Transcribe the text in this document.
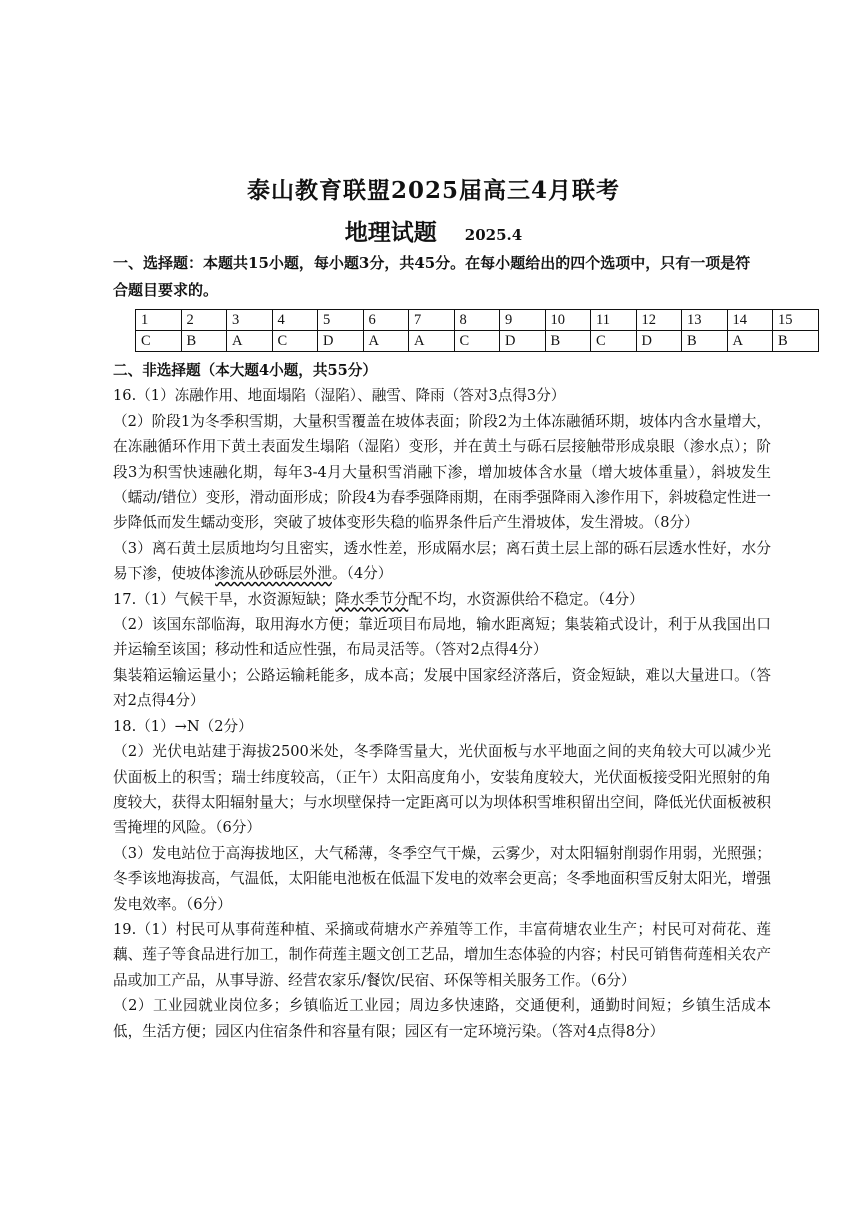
泰山教育联盟2025届高三4月联考
地理试题 2025.4
一、选择题：本题共15小题，每小题3分，共45分。在每小题给出的四个选项中，只有一项是符合题目要求的。
1	2	3	4	5	6	7	8	9	10	11	12	13	14	15
C	B	A	C	D	A	A	C	D	B	C	D	B	A	B

二、非选择题（本大题4小题，共55分）

16.（1）冻融作用、地面塌陷（湿陷）、融雪、降雨（答对3点得3分）

（2）阶段1为冬季积雪期，大量积雪覆盖在坡体表面；阶段2为土体冻融循环期，坡体内含水量增大，在冻融循环作用下黄土表面发生塌陷（湿陷）变形，并在黄土与砾石层接触带形成泉眼（渗水点）；阶段3为积雪快速融化期，每年3-4月大量积雪消融下渗，增加坡体含水量（增大坡体重量），斜坡发生（蠕动/错位）变形，滑动面形成；阶段4为春季强降雨期，在雨季强降雨入渗作用下，斜坡稳定性进一步降低而发生蠕动变形，突破了坡体变形失稳的临界条件后产生滑坡体，发生滑坡。（8分）

（3）离石黄土层质地均匀且密实，透水性差，形成隔水层；离石黄土层上部的砾石层透水性好，水分易下渗，使坡体渗流从砂砾层外泄。（4分）

17.（1）气候干旱，水资源短缺；降水季节分配不均，水资源供给不稳定。（4分）

（2）该国东部临海，取用海水方便；靠近项目布局地，输水距离短；集装箱式设计，利于从我国出口并运输至该国；移动性和适应性强，布局灵活等。（答对2点得4分）

集装箱运输运量小；公路运输耗能多，成本高；发展中国家经济落后，资金短缺，难以大量进口。（答对2点得4分）

18.（1）→N（2分）

（2）光伏电站建于海拔2500米处，冬季降雪量大，光伏面板与水平地面之间的夹角较大可以减少光伏面板上的积雪；瑞士纬度较高，（正午）太阳高度角小，安装角度较大，光伏面板接受阳光照射的角度较大，获得太阳辐射量大；与水坝壁保持一定距离可以为坝体积雪堆积留出空间，降低光伏面板被积雪掩埋的风险。（6分）

（3）发电站位于高海拔地区，大气稀薄，冬季空气干燥，云雾少，对太阳辐射削弱作用弱，光照强；冬季该地海拔高，气温低，太阳能电池板在低温下发电的效率会更高；冬季地面积雪反射太阳光，增强发电效率。（6分）

19.（1）村民可从事荷莲种植、采摘或荷塘水产养殖等工作，丰富荷塘农业生产；村民可对荷花、莲藕、莲子等食品进行加工，制作荷莲主题文创工艺品，增加生态体验的内容；村民可销售荷莲相关农产品或加工产品，从事导游、经营农家乐/餐饮/民宿、环保等相关服务工作。（6分）

（2）工业园就业岗位多；乡镇临近工业园；周边多快速路，交通便利，通勤时间短；乡镇生活成本低，生活方便；园区内住宿条件和容量有限；园区有一定环境污染。（答对4点得8分）
